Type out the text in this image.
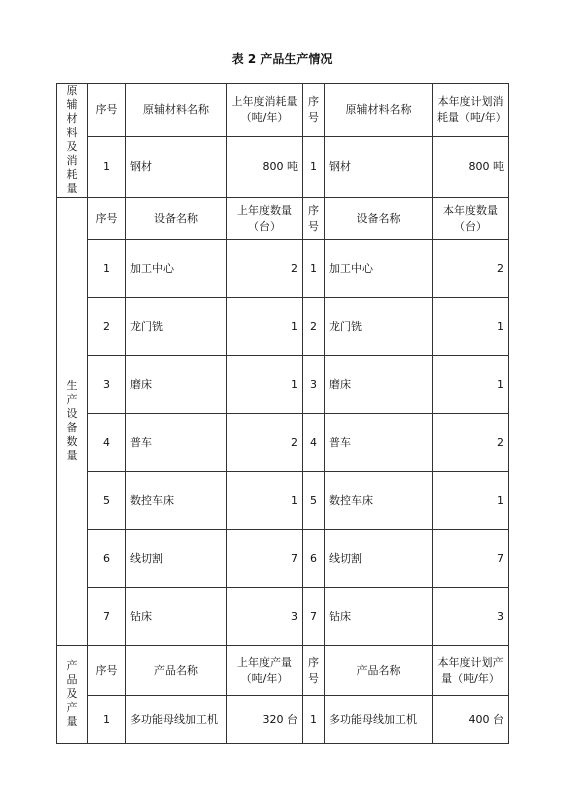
表 2 产品生产情况
原辅材料及消耗量	序号	原辅材料名称	上年度消耗量（吨/年）	序号	原辅材料名称	本年度计划消耗量（吨/年）
	1	钢材	800 吨	1	钢材	800 吨
生产设备数量	序号	设备名称	上年度数量（台）	序号	设备名称	本年度数量（台）
	1	加工中心	2	1	加工中心	2
	2	龙门铣	1	2	龙门铣	1
	3	磨床	1	3	磨床	1
	4	普车	2	4	普车	2
	5	数控车床	1	5	数控车床	1
	6	线切割	7	6	线切割	7
	7	钻床	3	7	钻床	3
产品及产量	序号	产品名称	上年度产量（吨/年）	序号	产品名称	本年度计划产量（吨/年）
	1	多功能母线加工机	320 台	1	多功能母线加工机	400 台
